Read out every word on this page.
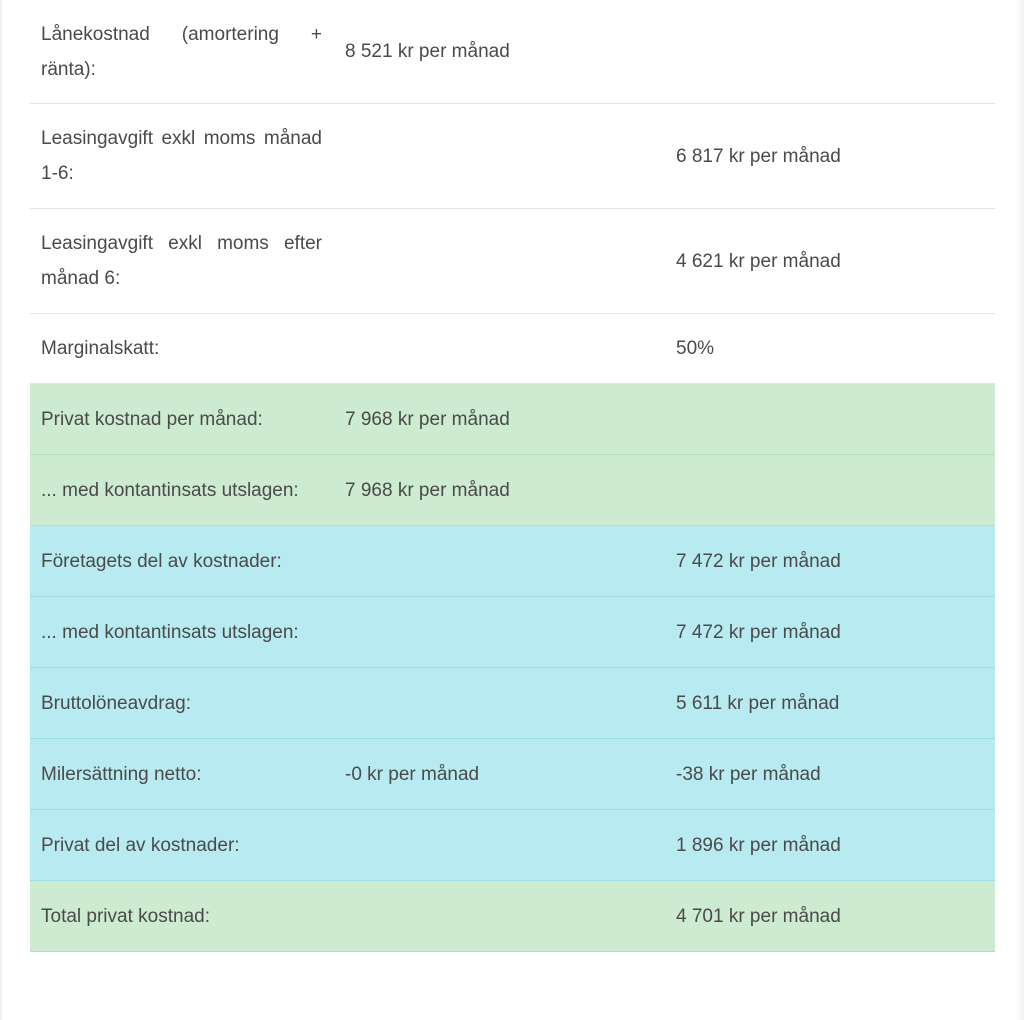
Lånekostnad (amortering + ränta):	8 521 kr per månad	
Leasingavgift exkl moms månad 1-6:		6 817 kr per månad
Leasingavgift exkl moms efter månad 6:		4 621 kr per månad
Marginalskatt:		50%
Privat kostnad per månad:	7 968 kr per månad	
... med kontantinsats utslagen:	7 968 kr per månad	
Företagets del av kostnader:		7 472 kr per månad
... med kontantinsats utslagen:		7 472 kr per månad
Bruttolöneavdrag:		5 611 kr per månad
Milersättning netto:	-0 kr per månad	-38 kr per månad
Privat del av kostnader:		1 896 kr per månad
Total privat kostnad:		4 701 kr per månad
